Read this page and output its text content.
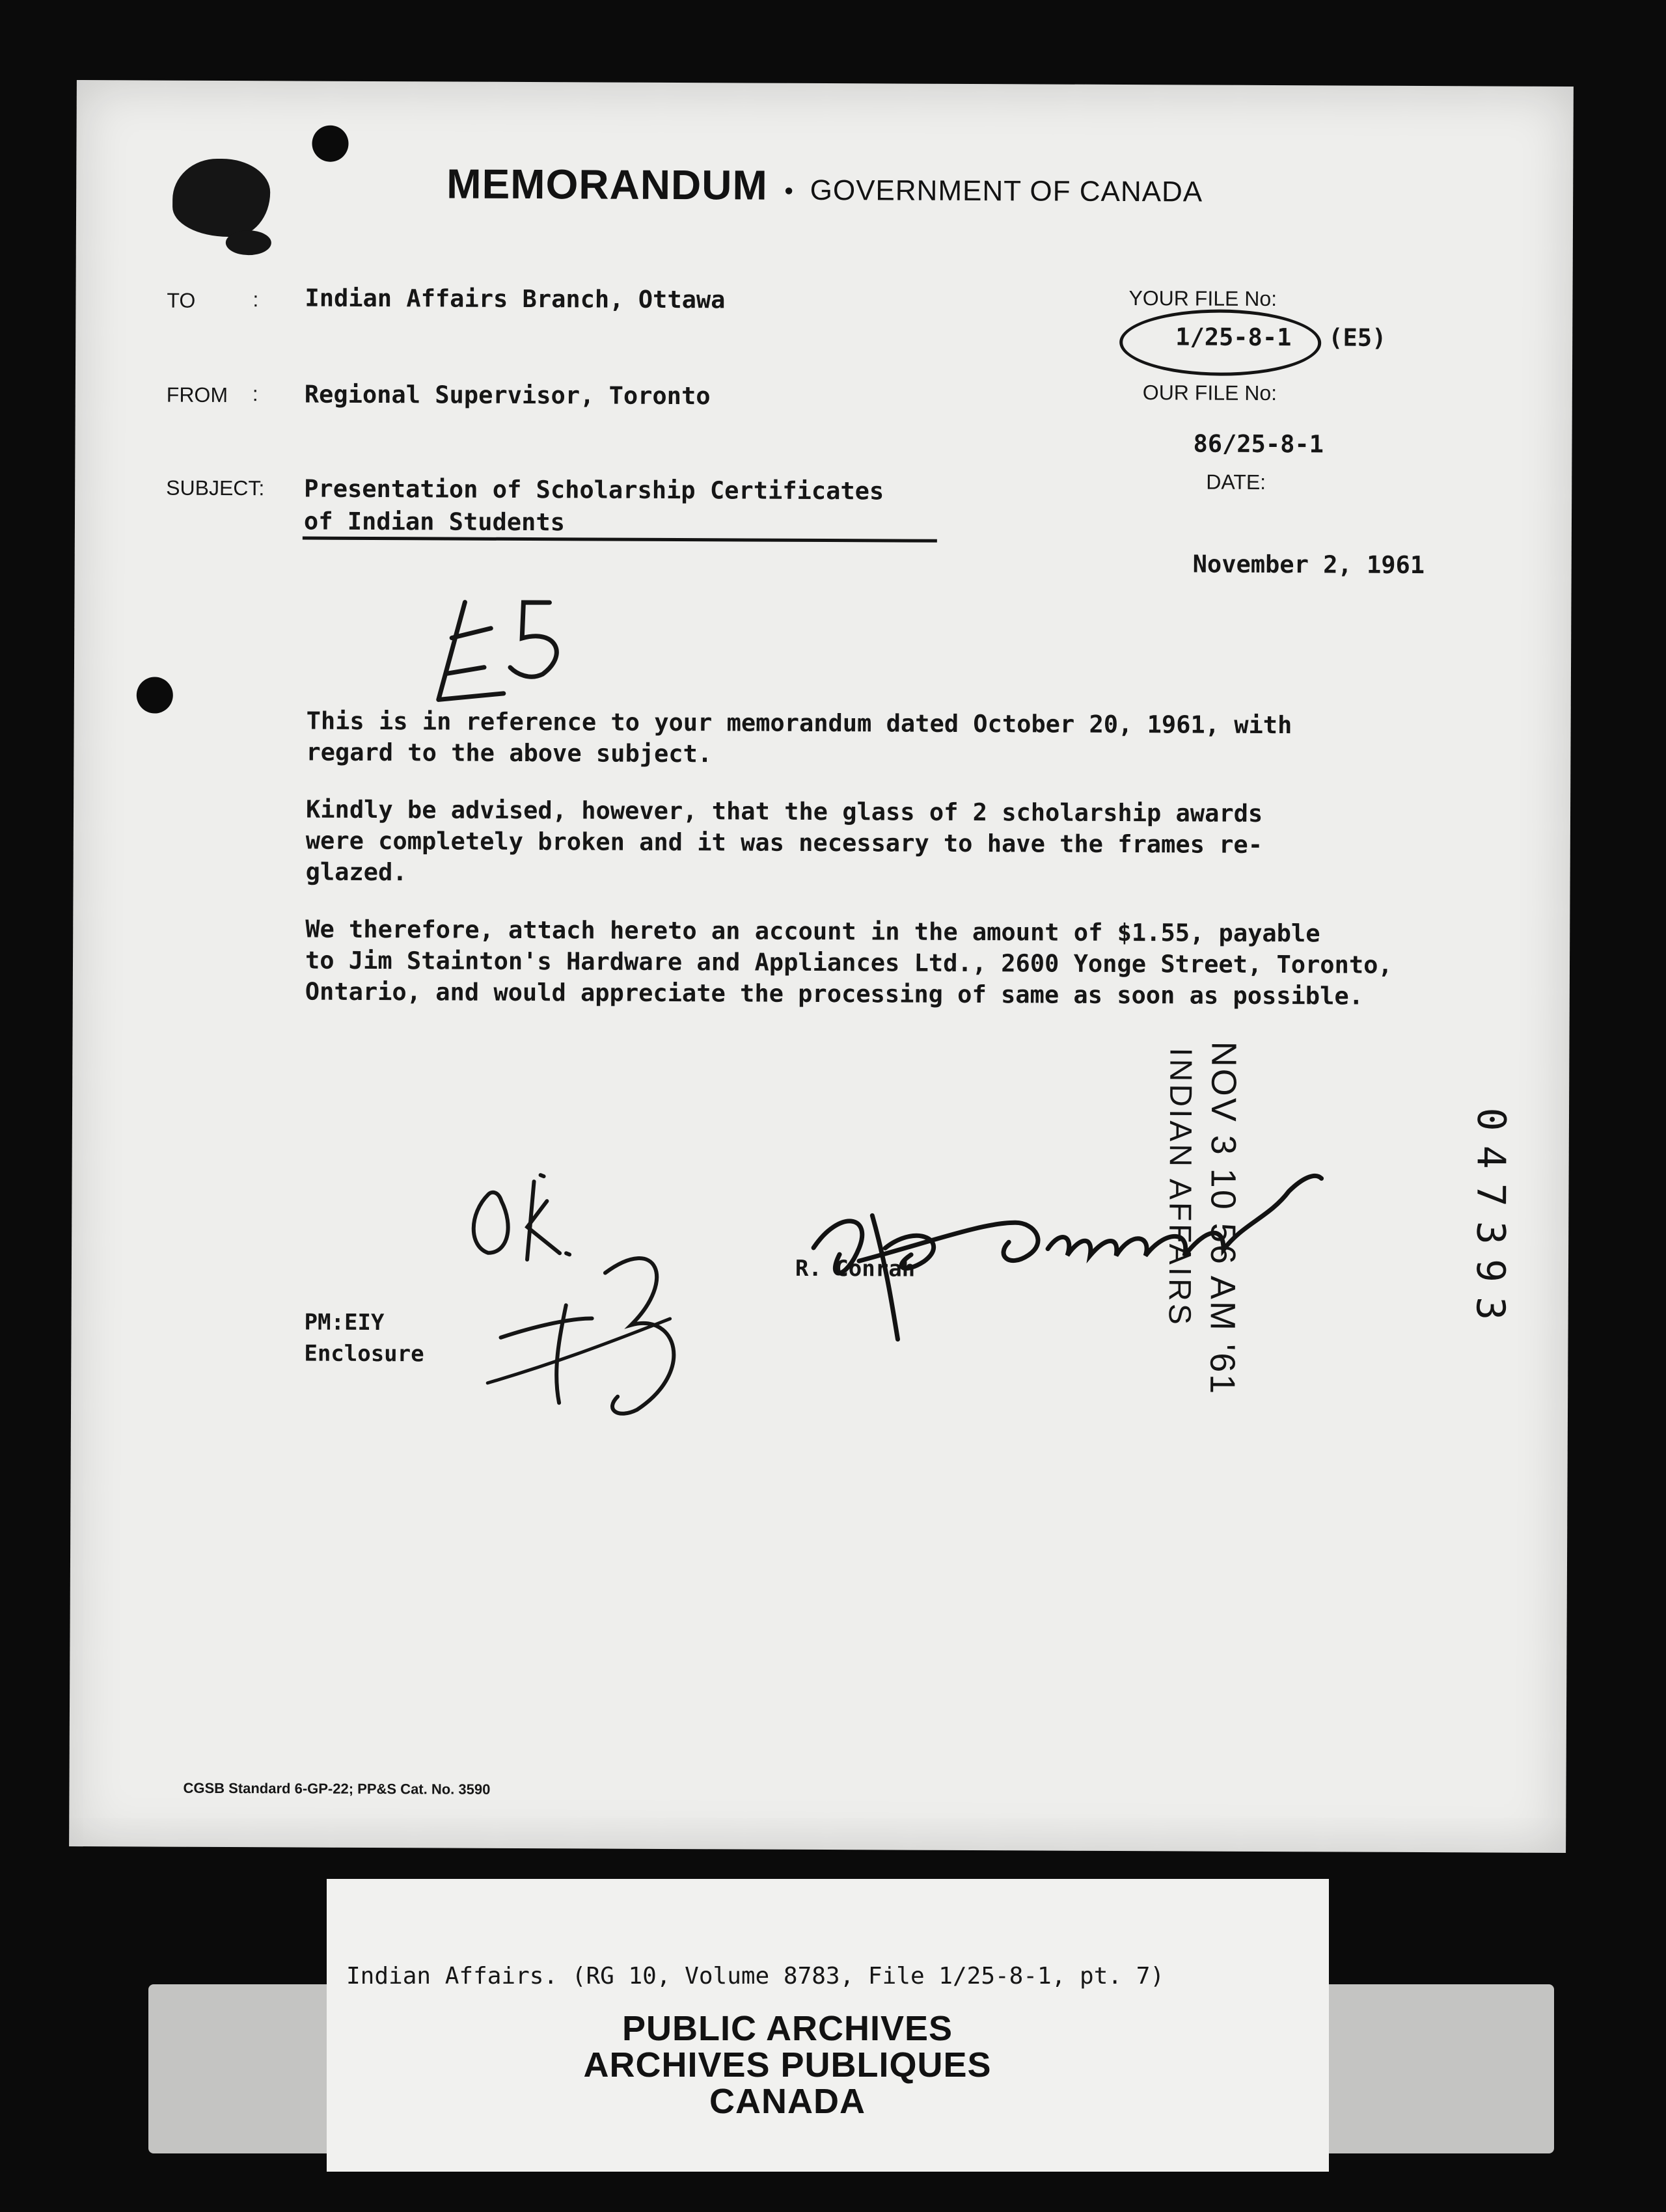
MEMORANDUM • GOVERNMENT OF CANADA
TO	: Indian Affairs Branch, Ottawa
FROM : Regional Supervisor, Toronto
SUBJECT: Presentation of Scholarship Certificates
of Indian Students
YOUR FILE No:
1/25-8-1 (E5)
OUR FILE No:
86/25-8-1
DATE:
November 2, 1961

This is in reference to your memorandum dated October 20, 1961, with
regard to the above subject.

Kindly be advised, however, that the glass of 2 scholarship awards
were completely broken and it was necessary to have the frames re-
glazed.

We therefore, attach hereto an account in the amount of $1.55, payable
to Jim Stainton's Hardware and Appliances Ltd., 2600 Yonge Street, Toronto,
Ontario, and would appreciate the processing of same as soon as possible.

R. Conrah
PM:EIY
Enclosure	NOV 3 10 56 AM '61
INDIAN AFFAIRS	047393
CGSB Standard 6-GP-22; PP&S Cat. No. 3590
Indian Affairs. (RG 10, Volume 8783, File 1/25-8-1, pt. 7)
PUBLIC ARCHIVES
ARCHIVES PUBLIQUES
CANADA
